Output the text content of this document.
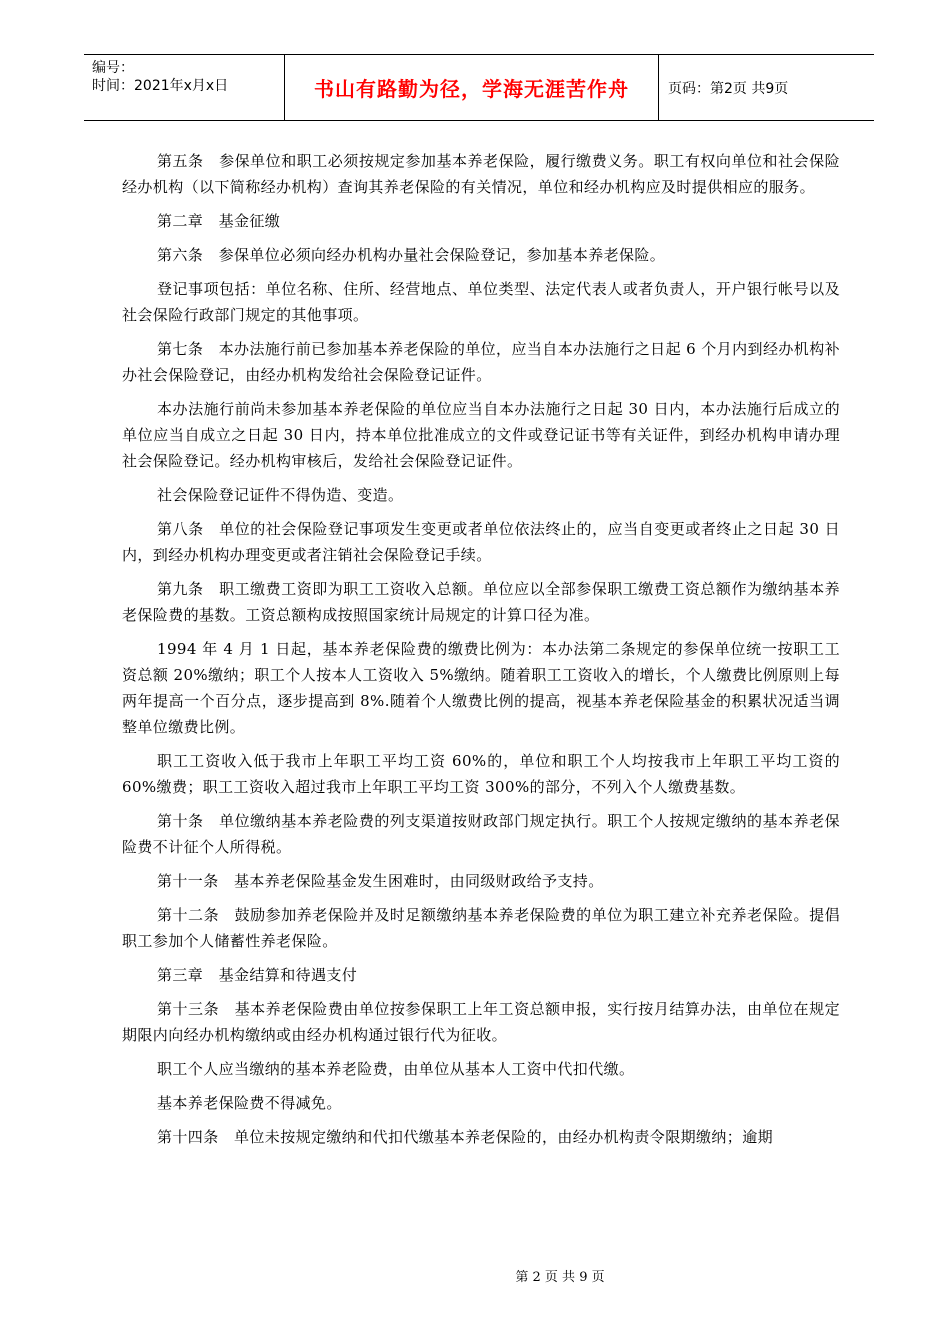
编号：
时间：2021年x月x日	书山有路勤为径，学海无涯苦作舟	页码：第2页 共9页

第五条　参保单位和职工必须按规定参加基本养老保险，履行缴费义务。职工有权向单位和社会保险经办机构（以下简称经办机构）查询其养老保险的有关情况，单位和经办机构应及时提供相应的服务。

第二章　基金征缴

第六条　参保单位必须向经办机构办量社会保险登记，参加基本养老保险。

登记事项包括：单位名称、住所、经营地点、单位类型、法定代表人或者负责人，开户银行帐号以及社会保险行政部门规定的其他事项。

第七条　本办法施行前已参加基本养老保险的单位，应当自本办法施行之日起 6 个月内到经办机构补办社会保险登记，由经办机构发给社会保险登记证件。

本办法施行前尚未参加基本养老保险的单位应当自本办法施行之日起 30 日内，本办法施行后成立的单位应当自成立之日起 30 日内，持本单位批准成立的文件或登记证书等有关证件，到经办机构申请办理社会保险登记。经办机构审核后，发给社会保险登记证件。

社会保险登记证件不得伪造、变造。

第八条　单位的社会保险登记事项发生变更或者单位依法终止的，应当自变更或者终止之日起 30 日内，到经办机构办理变更或者注销社会保险登记手续。

第九条　职工缴费工资即为职工工资收入总额。单位应以全部参保职工缴费工资总额作为缴纳基本养老保险费的基数。工资总额构成按照国家统计局规定的计算口径为准。

1994 年 4 月 1 日起，基本养老保险费的缴费比例为：本办法第二条规定的参保单位统一按职工工资总额 20%缴纳；职工个人按本人工资收入 5%缴纳。随着职工工资收入的增长，个人缴费比例原则上每两年提高一个百分点，逐步提高到 8%.随着个人缴费比例的提高，视基本养老保险基金的积累状况适当调整单位缴费比例。

职工工资收入低于我市上年职工平均工资 60%的，单位和职工个人均按我市上年职工平均工资的 60%缴费；职工工资收入超过我市上年职工平均工资 300%的部分，不列入个人缴费基数。

第十条　单位缴纳基本养老险费的列支渠道按财政部门规定执行。职工个人按规定缴纳的基本养老保险费不计征个人所得税。

第十一条　基本养老保险基金发生困难时，由同级财政给予支持。

第十二条　鼓励参加养老保险并及时足额缴纳基本养老保险费的单位为职工建立补充养老保险。提倡职工参加个人储蓄性养老保险。

第三章　基金结算和待遇支付

第十三条　基本养老保险费由单位按参保职工上年工资总额申报，实行按月结算办法，由单位在规定期限内向经办机构缴纳或由经办机构通过银行代为征收。

职工个人应当缴纳的基本养老险费，由单位从基本人工资中代扣代缴。

基本养老保险费不得减免。

第十四条　单位未按规定缴纳和代扣代缴基本养老保险的，由经办机构责令限期缴纳；逾期

第 2 页 共 9 页
